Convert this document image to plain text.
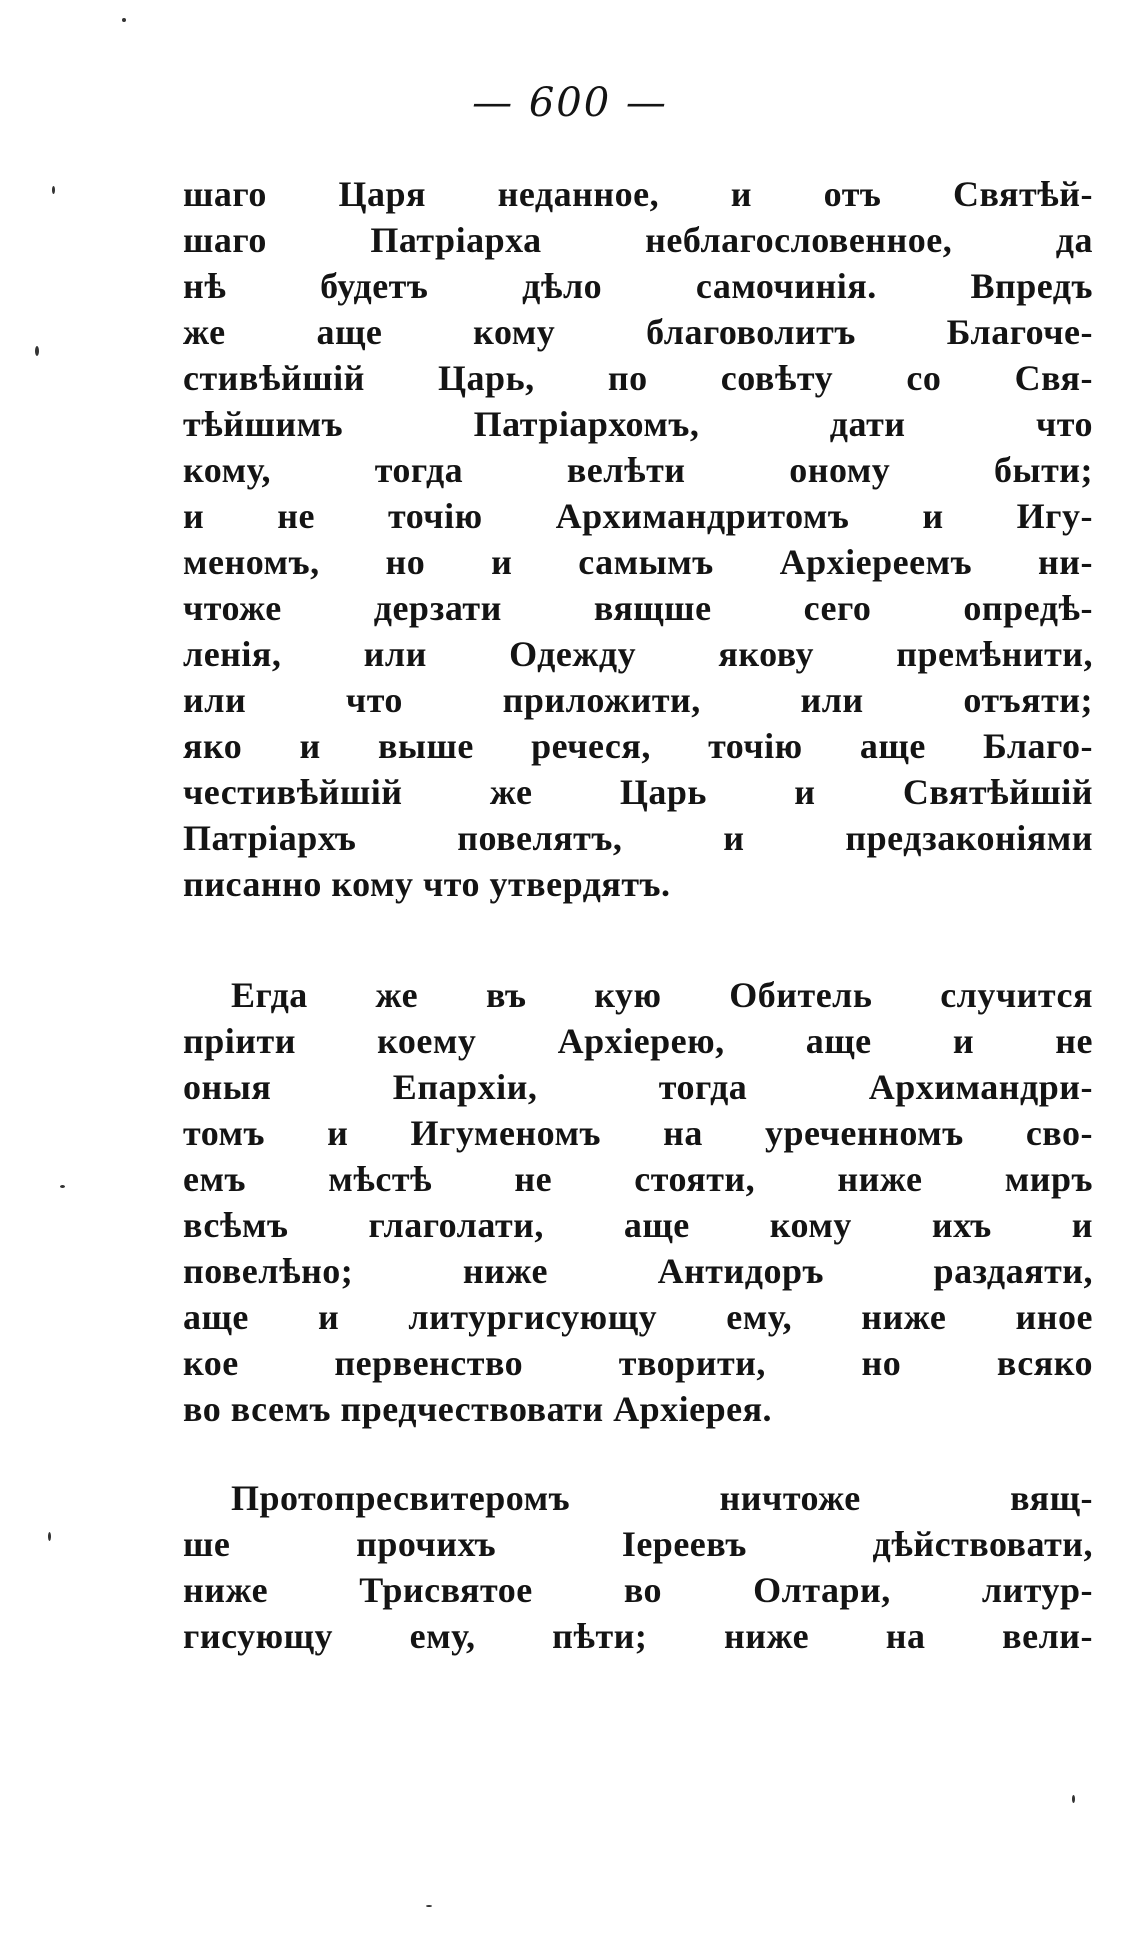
— 600 —
шаго Царя неданное, и отъ Святѣй-
шаго Патріарха неблагословенное, да
нѣ будетъ дѣло самочинія. Впредъ
же аще кому благоволитъ Благоче-
стивѣйшій Царь, по совѣту со Свя-
тѣйшимъ Патріархомъ, дати что
кому, тогда велѣти оному быти;
и не точію Архимандритомъ и Игу-
меномъ, но и самымъ Архіереемъ ни-
чтоже дерзати вящше сего опредѣ-
ленія, или Одежду якову премѣнити,
или что приложити, или отъяти;
яко и выше речеся, точію аще Благо-
честивѣйшій же Царь и Святѣйшій
Патріархъ повелятъ, и предзаконіями
писанно кому что утвердятъ.
Егда же въ кую Обитель случится
пріити коему Архіерею, аще и не
оныя Епархіи, тогда Архимандри-
томъ и Игуменомъ на уреченномъ сво-
емъ мѣстѣ не стояти, ниже миръ
всѣмъ глаголати, аще кому ихъ и
повелѣно; ниже Антидоръ раздаяти,
аще и литургисующу ему, ниже иное
кое первенство творити, но всяко
во всемъ предчествовати Архіерея.
Протопресвитеромъ ничтоже вящ-
ше прочихъ Іереевъ дѣйствовати,
ниже Трисвятое во Олтари, литур-
гисующу ему, пѣти; ниже на вели-
